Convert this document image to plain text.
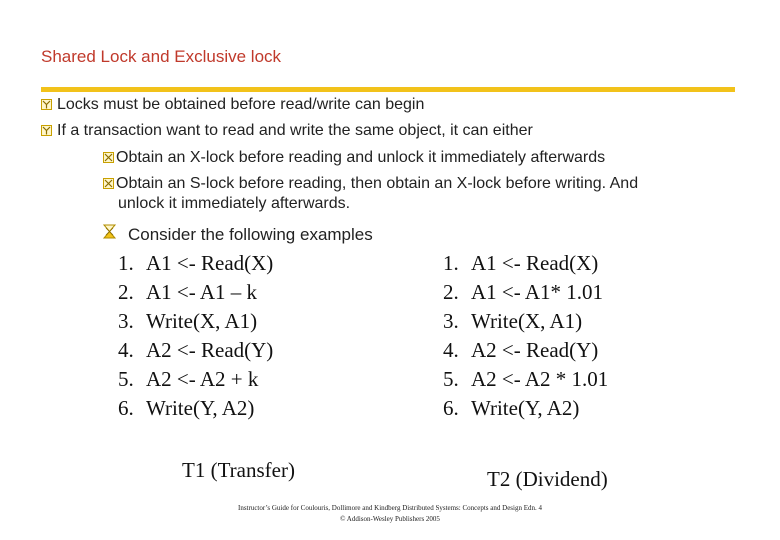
Shared Lock and Exclusive lock
Locks must be obtained before read/write can begin
If a transaction want to read and write the same object, it can either
Obtain an X-lock before reading and unlock it immediately afterwards
Obtain an S-lock before reading, then obtain an X-lock before writing. And
unlock it immediately afterwards.
Consider the following examples
1. A1 <- Read(X)
2. A1 <- A1 – k
3. Write(X, A1)
4. A2 <- Read(Y)
5. A2 <- A2 + k
6. Write(Y, A2)
1. A1 <- Read(X)
2. A1 <- A1* 1.01
3. Write(X, A1)
4. A2 <- Read(Y)
5. A2 <- A2 * 1.01
6. Write(Y, A2)
T1 (Transfer)	T2 (Dividend)
Instructor’s Guide for Coulouris, Dollimore and Kindberg Distributed Systems: Concepts and Design Edn. 4
© Addison-Wesley Publishers 2005
